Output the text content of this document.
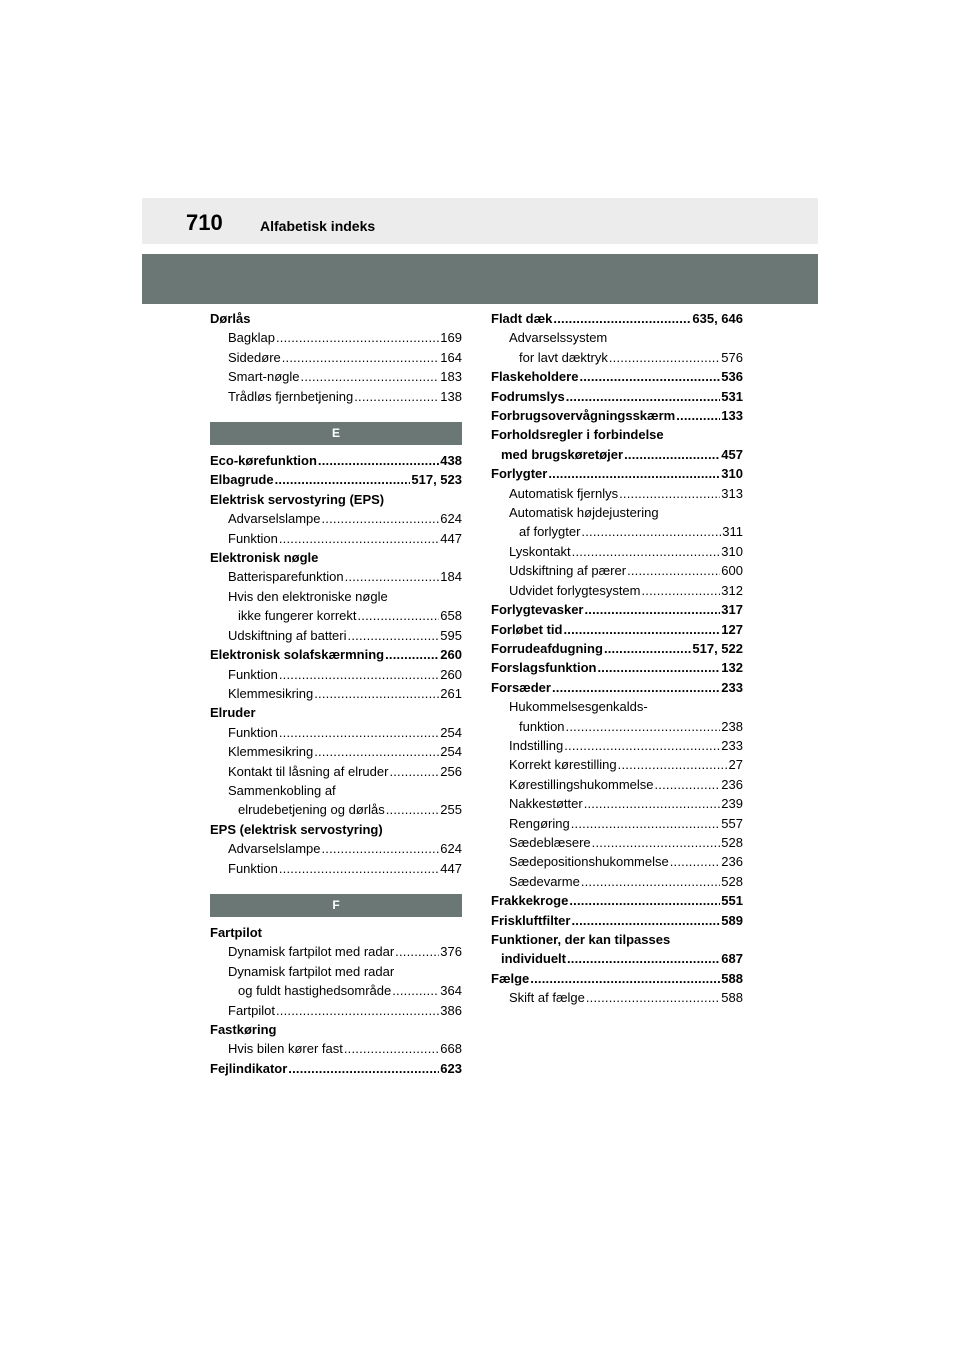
710	Alfabetisk indeks
Dørlås
Bagklap .....	169
Sidedøre .....	164
Smart-nøgle .....	183
Trådløs fjernbetjening .....	138
E
Eco-kørefunktion .....	438
Elbagrude .....	517, 523
Elektrisk servostyring (EPS)
Advarselslampe .....	624
Funktion .....	447
Elektronisk nøgle
Batterisparefunktion .....	184
Hvis den elektroniske nøgle
ikke fungerer korrekt .....	658
Udskiftning af batteri .....	595
Elektronisk solafskærmning .....	260
Funktion .....	260
Klemmesikring .....	261
Elruder
Funktion .....	254
Klemmesikring .....	254
Kontakt til låsning af elruder .....	256
Sammenkobling af
elrudebetjening og dørlås .....	255
EPS (elektrisk servostyring)
Advarselslampe .....	624
Funktion .....	447
F
Fartpilot
Dynamisk fartpilot med radar .....	376
Dynamisk fartpilot med radar
og fuldt hastighedsområde .....	364
Fartpilot .....	386
Fastkøring
Hvis bilen kører fast .....	668
Fejlindikator .....	623
Fladt dæk .....	635, 646
Advarselssystem
for lavt dæktryk .....	576
Flaskeholdere .....	536
Fodrumslys .....	531
Forbrugsovervågningsskærm .....	133
Forholdsregler i forbindelse
med brugskøretøjer .....	457
Forlygter .....	310
Automatisk fjernlys .....	313
Automatisk højdejustering
af forlygter .....	311
Lyskontakt .....	310
Udskiftning af pærer .....	600
Udvidet forlygtesystem .....	312
Forlygtevasker .....	317
Forløbet tid .....	127
Forrudeafdugning .....	517, 522
Forslagsfunktion .....	132
Forsæder .....	233
Hukommelsesgenkalds-
funktion .....	238
Indstilling .....	233
Korrekt kørestilling .....	27
Kørestillingshukommelse .....	236
Nakkestøtter .....	239
Rengøring .....	557
Sædeblæsere .....	528
Sædepositionshukommelse .....	236
Sædevarme .....	528
Frakkekroge .....	551
Friskluftfilter .....	589
Funktioner, der kan tilpasses
individuelt .....	687
Fælge .....	588
Skift af fælge .....	588
